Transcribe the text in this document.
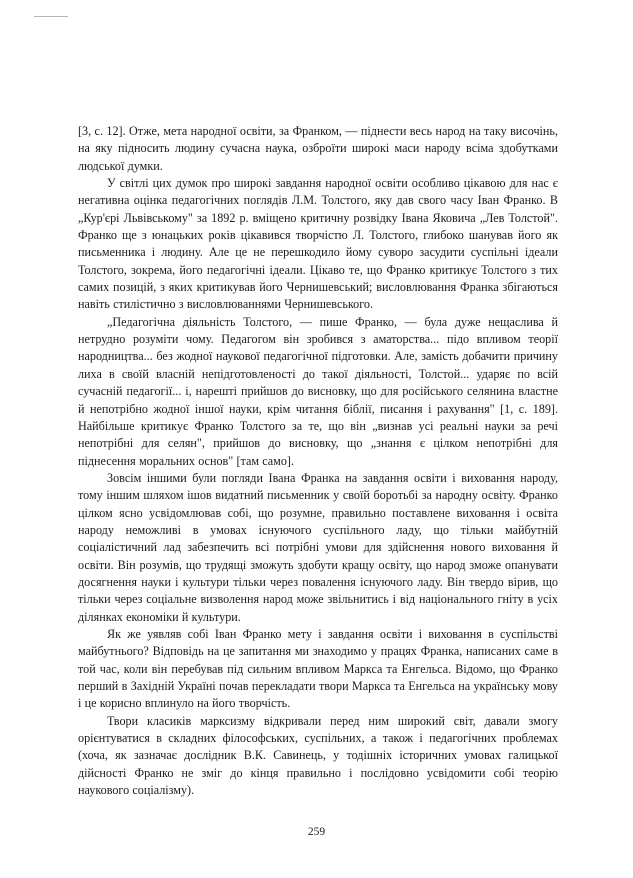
[3, с. 12]. Отже, мета народної освіти, за Франком, — піднести весь народ на таку височінь, на яку підносить людину сучасна наука, озброїти широкі маси народу всіма здобутками людської думки.

У світлі цих думок про широкі завдання народної освіти особливо цікавою для нас є негативна оцінка педагогічних поглядів Л.М. Толстого, яку дав свого часу Іван Франко. В „Кур'єрі Львівському" за 1892 р. вміщено критичну розвідку Івана Яковича „Лев Толстой". Франко ще з юнацьких років цікавився творчістю Л. Толстого, глибоко шанував його як письменника і людину. Але це не перешкодило йому суворо засудити суспільні ідеали Толстого, зокрема, його педагогічні ідеали. Цікаво те, що Франко критикує Толстого з тих самих позицій, з яких критикував його Чернишевський; висловлювання Франка збігаються навіть стилістично з висловлюваннями Чернишевського.

„Педагогічна діяльність Толстого, — пише Франко, — була дуже нещаслива й нетрудно розуміти чому. Педагогом він зробився з аматорства... підо впливом теорії народництва... без жодної наукової педагогічної підготовки. Але, замість добачити причину лиха в своїй власній непідготовленості до такої діяльності, Толстой... ударяє по всій сучасній педагогії... і, нарешті прийшов до висновку, що для російського селянина властне й непотрібно жодної іншої науки, крім читання біблії, писання і рахування" [1, с. 189]. Найбільше критикує Франко Толстого за те, що він „визнав усі реальні науки за речі непотрібні для селян", прийшов до висновку, що „знання є цілком непотрібні для піднесення моральних основ" [там само].

Зовсім іншими були погляди Івана Франка на завдання освіти і виховання народу, тому іншим шляхом ішов видатний письменник у своїй боротьбі за народну освіту. Франко цілком ясно усвідомлював собі, що розумне, правильно поставлене виховання і освіта народу неможливі в умовах існуючого суспільного ладу, що тільки майбутній соціалістичний лад забезпечить всі потрібні умови для здійснення нового виховання й освіти. Він розумів, що трудящі зможуть здобути кращу освіту, що народ зможе опанувати досягнення науки і культури тільки через повалення існуючого ладу. Він твердо вірив, що тільки через соціальне визволення народ може звільнитись і від національного гніту в усіх ділянках економіки й культури.

Як же уявляв собі Іван Франко мету і завдання освіти і виховання в суспільстві майбутнього? Відповідь на це запитання ми знаходимо у працях Франка, написаних саме в той час, коли він перебував під сильним впливом Маркса та Енгельса. Відомо, що Франко перший в Західній Україні почав перекладати твори Маркса та Енгельса на українську мову і це корисно вплинуло на його творчість.

Твори класиків марксизму відкривали перед ним широкий світ, давали змогу орієнтуватися в складних філософських, суспільних, а також і педагогічних проблемах (хоча, як зазначає дослідник В.К. Савинець, у тодішніх історичних умовах галицької дійсності Франко не зміг до кінця правильно і послідовно усвідомити собі теорію наукового соціалізму).

259
